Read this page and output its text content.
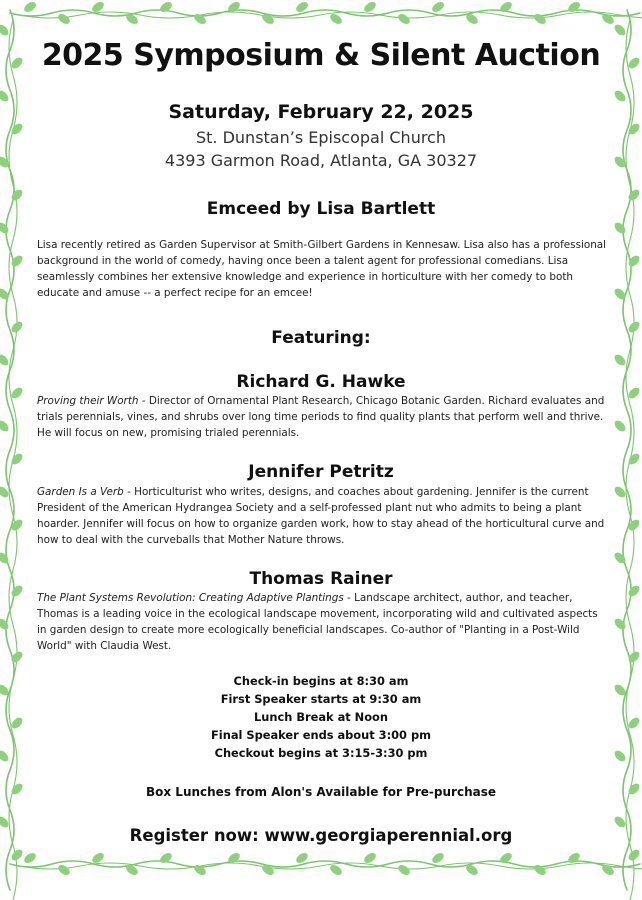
2025 Symposium & Silent Auction
Saturday, February 22, 2025
St. Dunstan’s Episcopal Church
4393 Garmon Road, Atlanta, GA 30327
Emceed by Lisa Bartlett
Lisa recently retired as Garden Supervisor at Smith-Gilbert Gardens in Kennesaw. Lisa also has a professional background in the world of comedy, having once been a talent agent for professional comedians. Lisa seamlessly combines her extensive knowledge and experience in horticulture with her comedy to both educate and amuse -- a perfect recipe for an emcee!
Featuring:
Richard G. Hawke
Proving their Worth - Director of Ornamental Plant Research, Chicago Botanic Garden. Richard evaluates and trials perennials, vines, and shrubs over long time periods to find quality plants that perform well and thrive. He will focus on new, promising trialed perennials.
Jennifer Petritz
Garden Is a Verb - Horticulturist who writes, designs, and coaches about gardening. Jennifer is the current President of the American Hydrangea Society and a self-professed plant nut who admits to being a plant hoarder. Jennifer will focus on how to organize garden work, how to stay ahead of the horticultural curve and how to deal with the curveballs that Mother Nature throws.
Thomas Rainer
The Plant Systems Revolution: Creating Adaptive Plantings - Landscape architect, author, and teacher, Thomas is a leading voice in the ecological landscape movement, incorporating wild and cultivated aspects in garden design to create more ecologically beneficial landscapes. Co-author of "Planting in a Post-Wild World" with Claudia West.
Check-in begins at 8:30 am
First Speaker starts at 9:30 am
Lunch Break at Noon
Final Speaker ends about 3:00 pm
Checkout begins at 3:15-3:30 pm
Box Lunches from Alon's Available for Pre-purchase
Register now: www.georgiaperennial.org
